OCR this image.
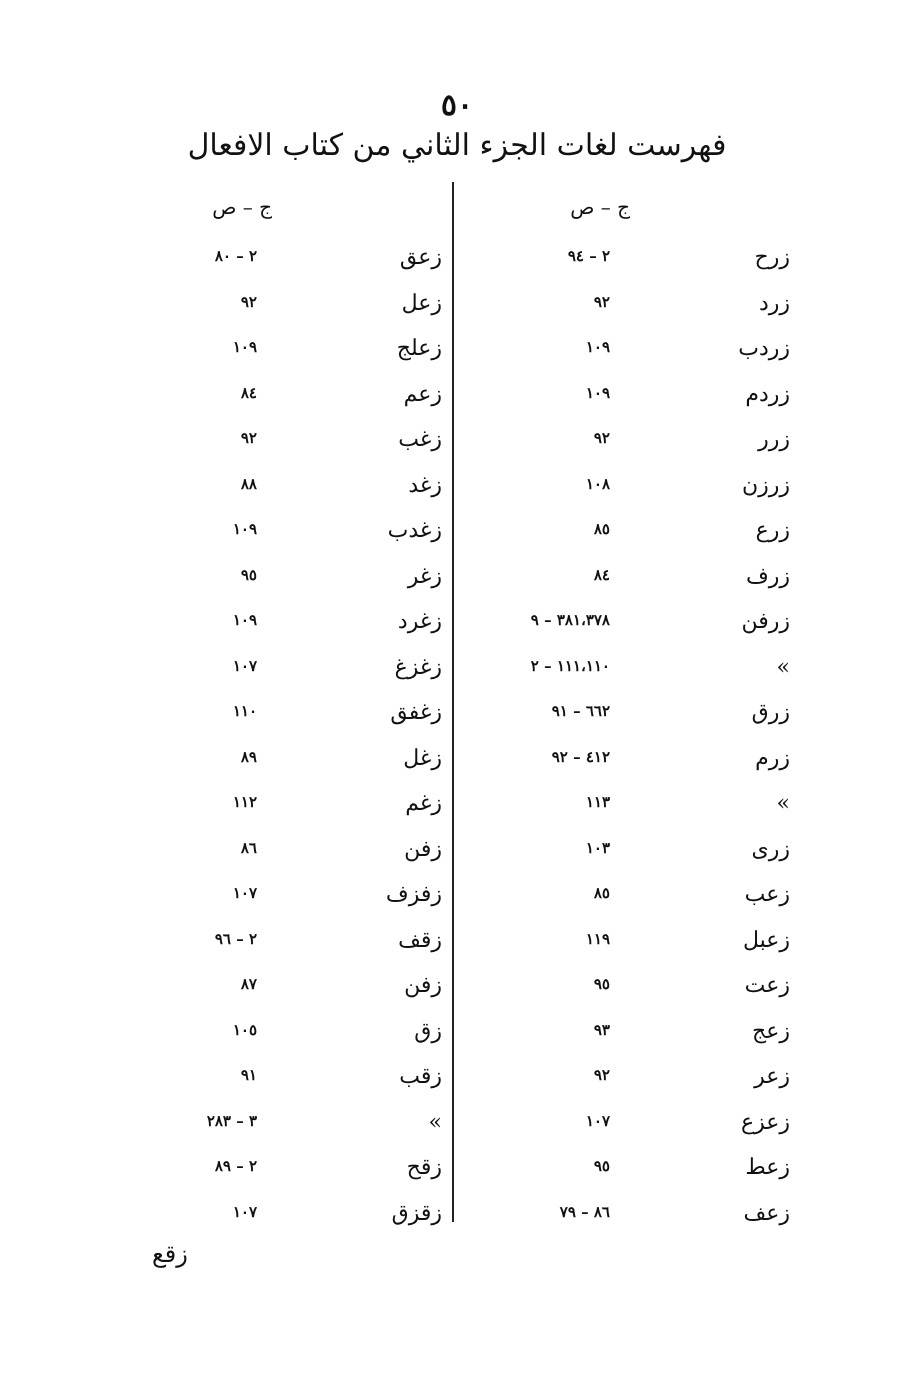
٥٠
فهرست لغات الجزء الثاني من كتاب الافعال
ج – ص
زرح
٢ – ٩٤
زرد
٩٢
زردب
١٠٩
زردم
١٠٩
زرر
٩٢
زرزن
١٠٨
زرع
٨٥
زرف
٨٤
زرفن
٣٨١،٣٧٨ – ٩
»
١١١،١١٠ – ٢
زرق
٦٦٢ – ٩١
زرم
٤١٢ – ٩٢
»
١١٣
زرى
١٠٣
زعب
٨٥
زعبل
١١٩
زعت
٩٥
زعج
٩٣
زعر
٩٢
زعزع
١٠٧
زعط
٩٥
زعف
٨٦ – ٧٩
ج – ص
زعق
٢ – ٨٠
زعل
٩٢
زعلج
١٠٩
زعم
٨٤
زغب
٩٢
زغد
٨٨
زغدب
١٠٩
زغر
٩٥
زغرد
١٠٩
زغزغ
١٠٧
زغفق
١١٠
زغل
٨٩
زغم
١١٢
زفن
٨٦
زفزف
١٠٧
زقف
٢ – ٩٦
زفن
٨٧
زق
١٠٥
زقب
٩١
»
٣ – ٢٨٣
زقح
٢ – ٨٩
زقزق
١٠٧
زقع
